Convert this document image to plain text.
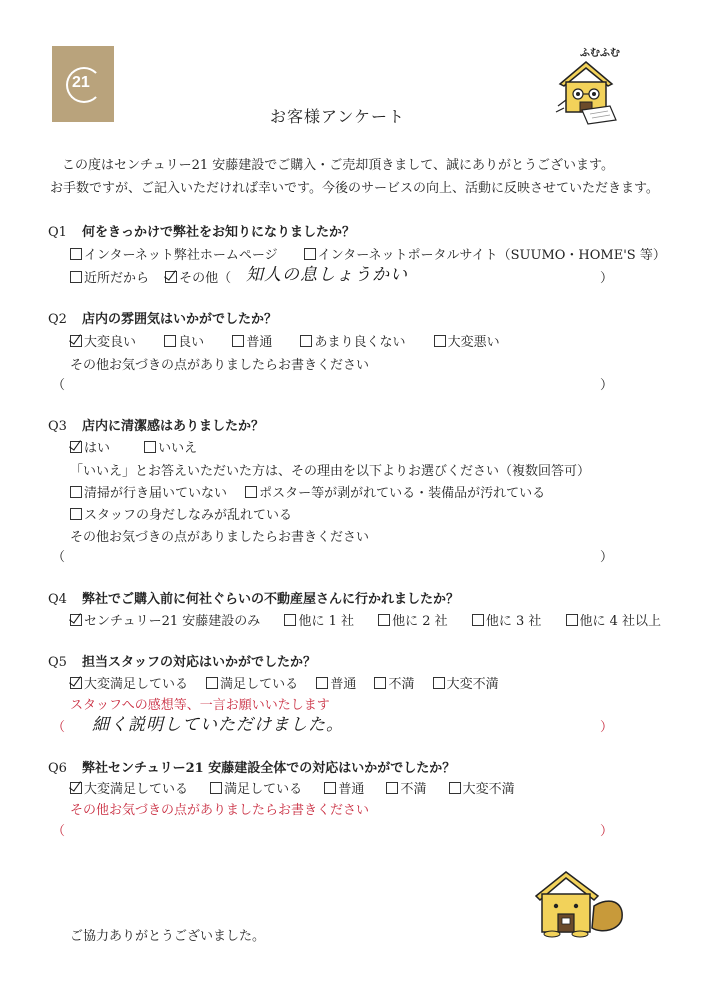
21
ふむふむ
お客様アンケート
この度はセンチュリー21 安藤建設でご購入・ご売却頂きまして、誠にありがとうございます。
お手数ですが、ご記入いただければ幸いです。今後のサービスの向上、活動に反映させていただきます。
Q1 何をきっかけで弊社をお知りになりましたか？
インターネット弊社ホームページ	インターネットポータルサイト（SUUMO・HOME'S 等）
近所だから その他（ 知人の息しょうかい	）
Q2 店内の雰囲気はいかがでしたか？
大変良い	良い	普通	あまり良くない	大変悪い
その他お気づきの点がありましたらお書きください
（	）
Q3 店内に清潔感はありましたか？
はい	いいえ
「いいえ」とお答えいただいた方は、その理由を以下よりお選びください（複数回答可）
清掃が行き届いていない ポスター等が剥がれている・装備品が汚れている
スタッフの身だしなみが乱れている
その他お気づきの点がありましたらお書きください
（	）
Q4 弊社でご購入前に何社ぐらいの不動産屋さんに行かれましたか？
センチュリー21 安藤建設のみ	他に 1 社	他に 2 社	他に 3 社	他に 4 社以上
Q5 担当スタッフの対応はいかがでしたか？
大変満足している 満足している 普通 不満 大変不満
スタッフへの感想等、一言お願いいたします
（ 細く説明していただけました。	）
Q6 弊社センチュリー21 安藤建設全体での対応はいかがでしたか？
大変満足している	満足している	普通	不満	大変不満
その他お気づきの点がありましたらお書きください
（	）
ご協力ありがとうございました。
